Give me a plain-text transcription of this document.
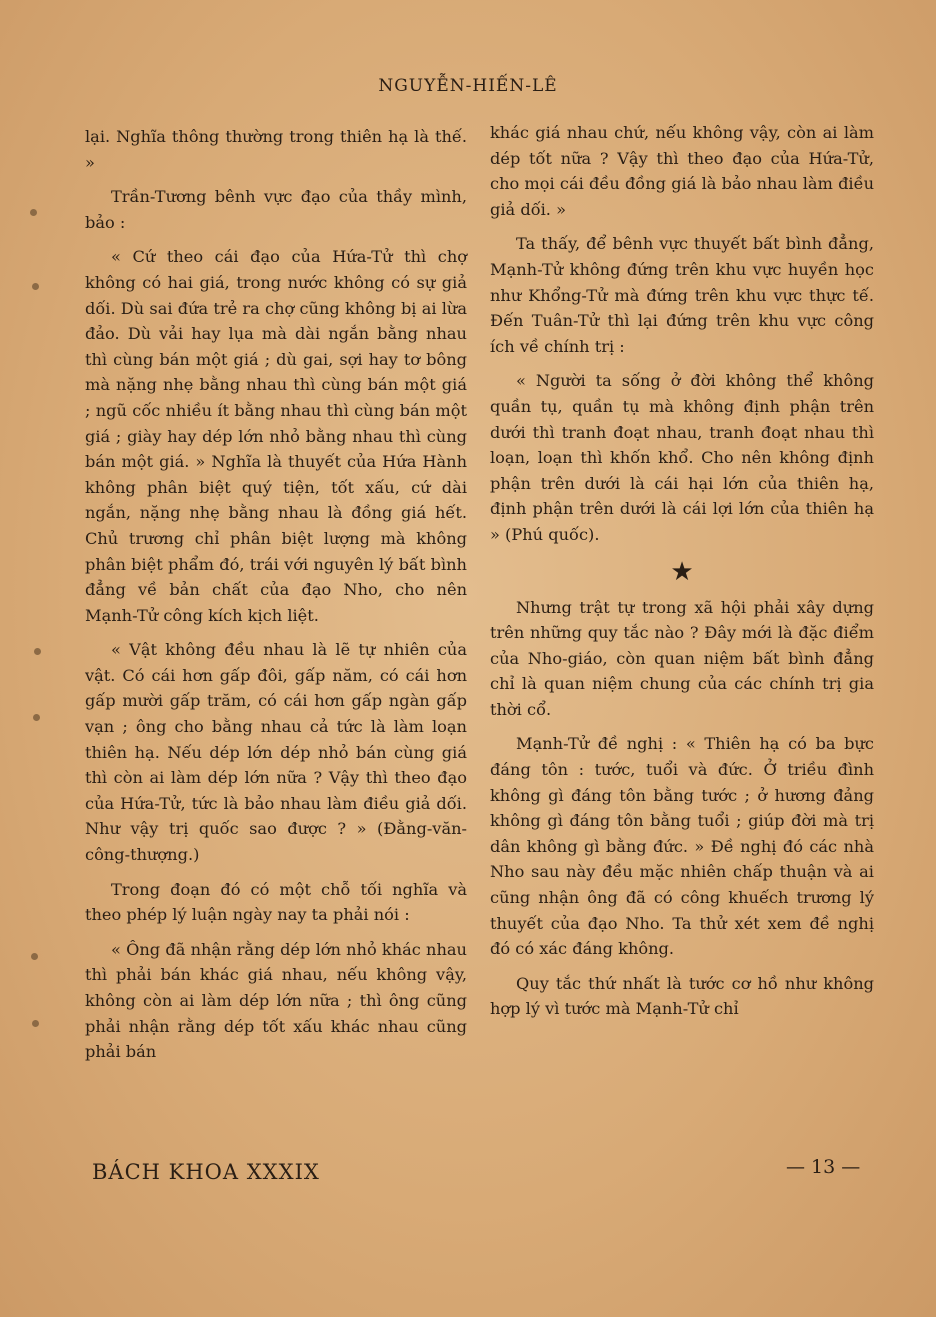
NGUYỄN-HIẾN-LÊ

lại. Nghĩa thông thường trong thiên hạ là thế. »

Trần-Tương bênh vực đạo của thầy mình, bảo :

« Cứ theo cái đạo của Hứa-Tử thì chợ không có hai giá, trong nước không có sự giả dối. Dù sai đứa trẻ ra chợ cũng không bị ai lừa đảo. Dù vải hay lụa mà dài ngắn bằng nhau thì cùng bán một giá ; dù gai, sợi hay tơ bông mà nặng nhẹ bằng nhau thì cùng bán một giá ; ngũ cốc nhiều ít bằng nhau thì cùng bán một giá ; giày hay dép lớn nhỏ bằng nhau thì cùng bán một giá. » Nghĩa là thuyết của Hứa Hành không phân biệt quý tiện, tốt xấu, cứ dài ngắn, nặng nhẹ bằng nhau là đồng giá hết. Chủ trương chỉ phân biệt lượng mà không phân biệt phẩm đó, trái với nguyên lý bất bình đẳng về bản chất của đạo Nho, cho nên Mạnh-Tử công kích kịch liệt.

« Vật không đều nhau là lẽ tự nhiên của vật. Có cái hơn gấp đôi, gấp năm, có cái hơn gấp mười gấp trăm, có cái hơn gấp ngàn gấp vạn ; ông cho bằng nhau cả tức là làm loạn thiên hạ. Nếu dép lớn dép nhỏ bán cùng giá thì còn ai làm dép lớn nữa ? Vậy thì theo đạo của Hứa-Tử, tức là bảo nhau làm điều giả dối. Như vậy trị quốc sao được ? » (Đằng-văn-công-thượng.)

Trong đoạn đó có một chỗ tối nghĩa và theo phép lý luận ngày nay ta phải nói :

« Ông đã nhận rằng dép lớn nhỏ khác nhau thì phải bán khác giá nhau, nếu không vậy, không còn ai làm dép lớn nữa ; thì ông cũng phải nhận rằng dép tốt xấu khác nhau cũng phải bán

khác giá nhau chứ, nếu không vậy, còn ai làm dép tốt nữa ? Vậy thì theo đạo của Hứa-Tử, cho mọi cái đều đồng giá là bảo nhau làm điều giả dối. »

Ta thấy, để bênh vực thuyết bất bình đẳng, Mạnh-Tử không đứng trên khu vực huyền học như Khổng-Tử mà đứng trên khu vực thực tế. Đến Tuân-Tử thì lại đứng trên khu vực công ích về chính trị :

« Người ta sống ở đời không thể không quần tụ, quần tụ mà không định phận trên dưới thì tranh đoạt nhau, tranh đoạt nhau thì loạn, loạn thì khốn khổ. Cho nên không định phận trên dưới là cái hại lớn của thiên hạ, định phận trên dưới là cái lợi lớn của thiên hạ » (Phú quốc).

★

Nhưng trật tự trong xã hội phải xây dựng trên những quy tắc nào ? Đây mới là đặc điểm của Nho-giáo, còn quan niệm bất bình đẳng chỉ là quan niệm chung của các chính trị gia thời cổ.

Mạnh-Tử đề nghị : « Thiên hạ có ba bực đáng tôn : tước, tuổi và đức. Ở triều đình không gì đáng tôn bằng tước ; ở hương đảng không gì đáng tôn bằng tuổi ; giúp đời mà trị dân không gì bằng đức. » Đề nghị đó các nhà Nho sau này đều mặc nhiên chấp thuận và ai cũng nhận ông đã có công khuếch trương lý thuyết của đạo Nho. Ta thử xét xem đề nghị đó có xác đáng không.

Quy tắc thứ nhất là tước cơ hồ như không hợp lý vì tước mà Mạnh-Tử chỉ

BÁCH KHOA XXXIX	— 13 —
